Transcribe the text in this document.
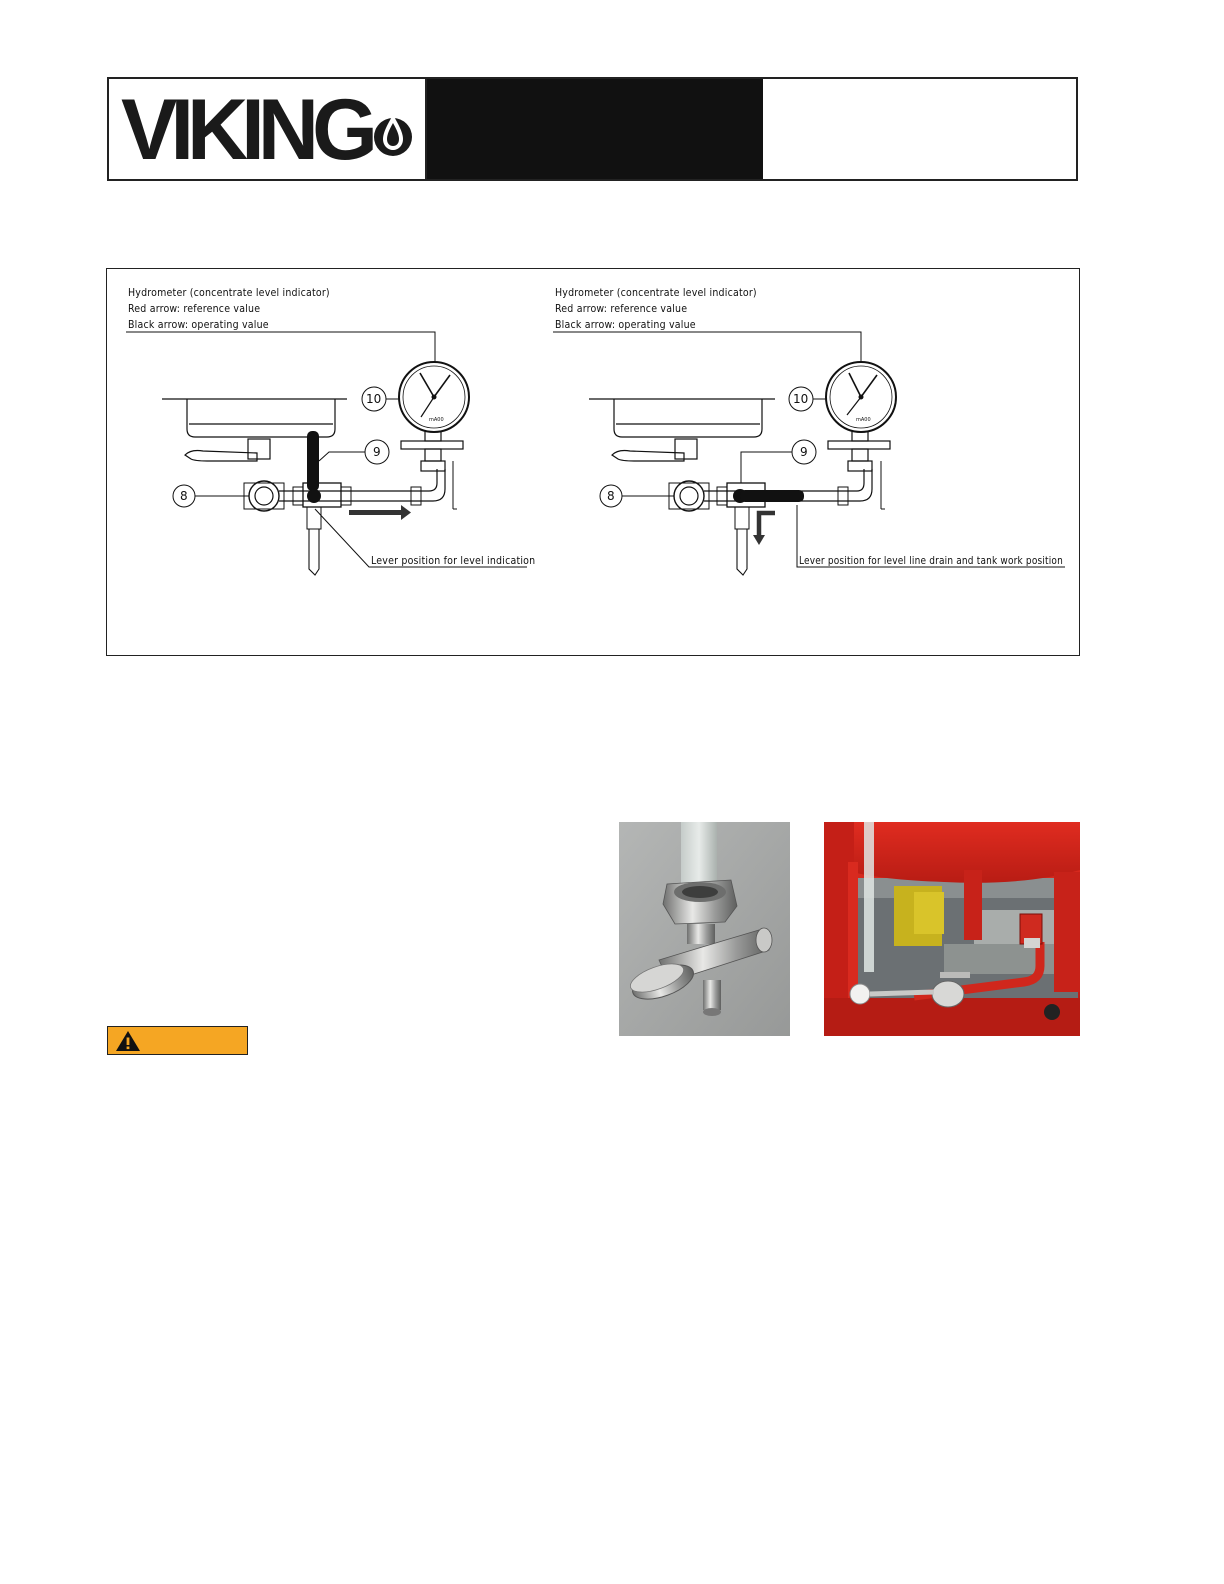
VIKING
Hydrometer (concentrate level indicator)
Red arrow: reference value
Black arrow: operating value
8
9
mA00
10
Lever position for level indication
Hydrometer (concentrate level indicator)
Red arrow: reference value
Black arrow: operating value
8
9
mA00
10
Lever position for level line drain and tank work position
